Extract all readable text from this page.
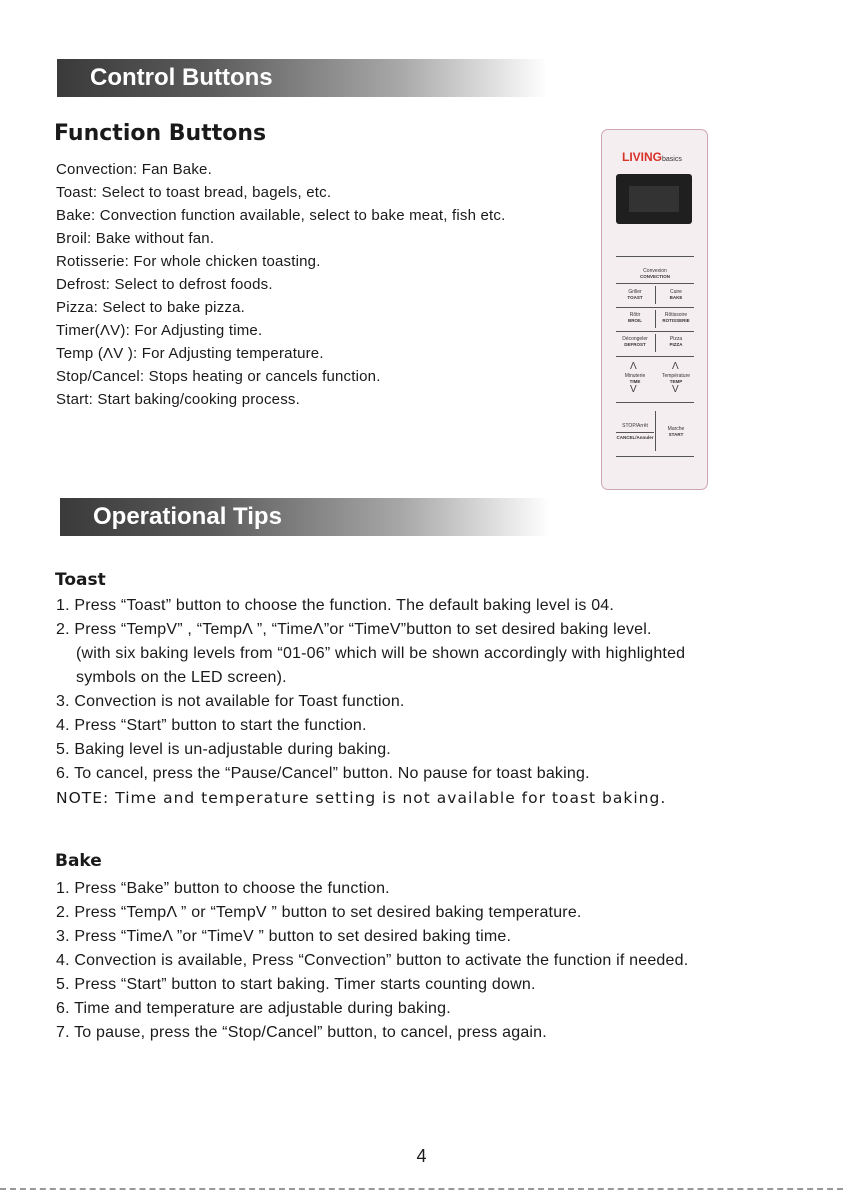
Control Buttons
Function Buttons
Convection: Fan Bake.
Toast: Select to toast bread, bagels, etc.
Bake: Convection function available, select to bake meat, fish etc.
Broil: Bake without fan.
Rotisserie: For whole chicken toasting.
Defrost: Select to defrost foods.
Pizza: Select to bake pizza.
Timer(ΛV): For Adjusting time.
Temp (ΛV ): For Adjusting temperature.
Stop/Cancel: Stops heating or cancels function.
Start: Start baking/cooking process.
LIVINGbasics
Convexion
CONVECTION
Griller
TOAST
Cuire
BAKE
Rôtir
BROIL
Rôtissoire
ROTISSERIE
Décongeler
DEFROST
Pizza
PIZZA
Λ	Λ
Minuterie
TIME
Température
TEMP
V	V
STOP/Arrêt
CANCEL/Annuler
Marche
START
Operational Tips
Toast
1. Press “Toast” button to choose the function. The default baking level is 04.
2. Press “TempV” , “TempΛ ”, “TimeΛ”or “TimeV”button to set desired baking level.
(with six baking levels from “01-06” which will be shown accordingly with highlighted
symbols on the LED screen).
3. Convection is not available for Toast function.
4. Press “Start” button to start the function.
5. Baking level is un-adjustable during baking.
6. To cancel, press the “Pause/Cancel” button. No pause for toast baking.
NOTE: Time and temperature setting is not available for toast baking.
Bake
1. Press “Bake” button to choose the function.
2. Press “TempΛ ” or “TempV ” button to set desired baking temperature.
3. Press “TimeΛ ”or “TimeV ” button to set desired baking time.
4. Convection is available, Press “Convection” button to activate the function if needed.
5. Press “Start” button to start baking. Timer starts counting down.
6. Time and temperature are adjustable during baking.
7. To pause, press the “Stop/Cancel” button, to cancel, press again.
4
